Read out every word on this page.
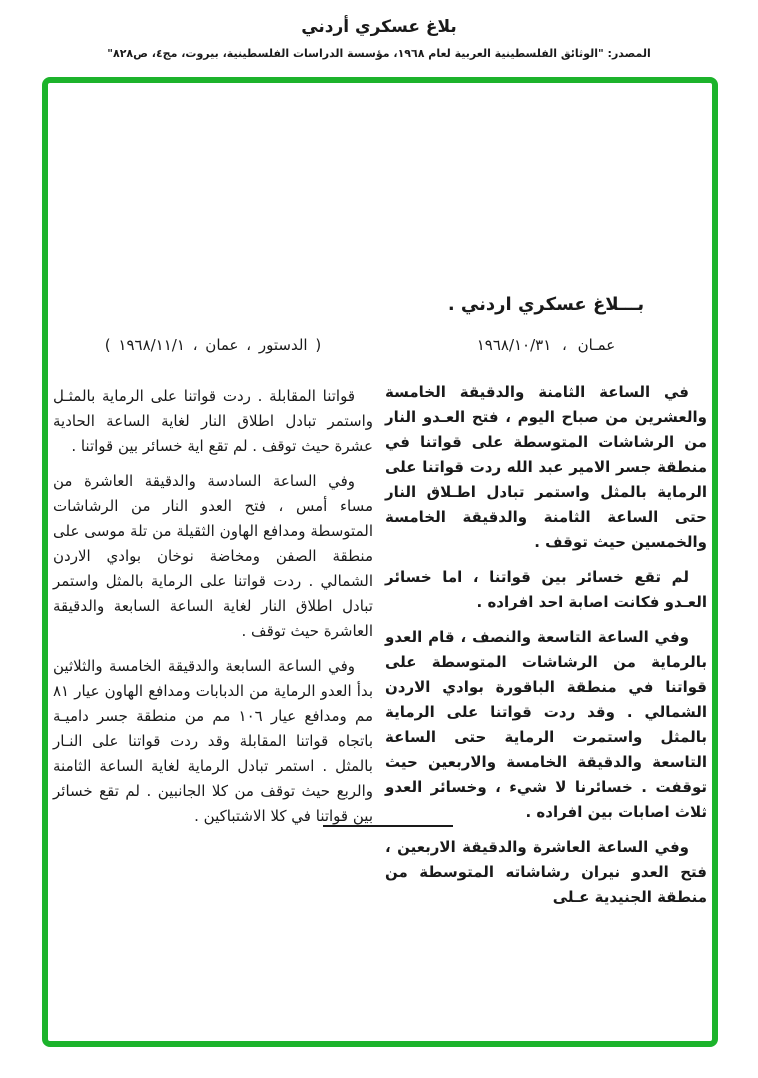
بلاغ عسكري أردني
المصدر: "الوثائق الفلسطينية العربية لعام ١٩٦٨، مؤسسة الدراسات الفلسطينية، بيروت، مج٤، ص٨٢٨"
بـــلاغ عسكري اردني .
عمـان ، ١٩٦٨/١٠/٣١

في الساعة الثامنة والدقيقة الخامسة والعشرين من صباح اليوم ، فتح العـدو النار من الرشاشات المتوسطة على قواتنا في منطقة جسر الامير عبد الله ردت قواتنا على الرماية بالمثل واستمر تبادل اطـلاق النار حتى الساعة الثامنة والدقيقة الخامسة والخمسين حيث توقف .

لم تقع خسائر بين قواتنا ، اما خسائر العـدو فكانت اصابة احد افراده .

وفي الساعة التاسعة والنصف ، قام العدو بالرماية من الرشاشات المتوسطة على قواتنا في منطقة الباقورة بوادي الاردن الشمالي . وقد ردت قواتنا على الرماية بالمثل واستمرت الرماية حتى الساعة التاسعة والدقيقة الخامسة والاربعين حيث توقفت . خسائرنا لا شيء ، وخسائر العدو ثلاث اصابات بين افراده .

وفي الساعة العاشرة والدقيقة الاربعين ، فتح العدو نيران رشاشاته المتوسطة من منطقة الجنيدية عـلى

( الدستور ، عمان ، ١٩٦٨/١١/١ )

قواتنا المقابلة . ردت قواتنا على الرماية بالمثـل واستمر تبادل اطلاق النار لغاية الساعة الحادية عشرة حيث توقف . لم تقع اية خسائر بين قواتنا .

وفي الساعة السادسة والدقيقة العاشرة من مساء أمس ، فتح العدو النار من الرشاشات المتوسطة ومدافع الهاون الثقيلة من تلة موسى على منطقة الصفن ومخاضة نوخان بوادي الاردن الشمالي . ردت قواتنا على الرماية بالمثل واستمر تبادل اطلاق النار لغاية الساعة السابعة والدقيقة العاشرة حيث توقف .

وفي الساعة السابعة والدقيقة الخامسة والثلاثين بدأ العدو الرماية من الدبابات ومدافع الهاون عيار ٨١ مم ومدافع عيار ١٠٦ مم من منطقة جسر داميـة باتجاه قواتنا المقابلة وقد ردت قواتنا على النـار بالمثل . استمر تبادل الرماية لغاية الساعة الثامنة والربع حيث توقف من كلا الجانبين . لم تقع خسائر بين قواتنا في كلا الاشتباكين .
